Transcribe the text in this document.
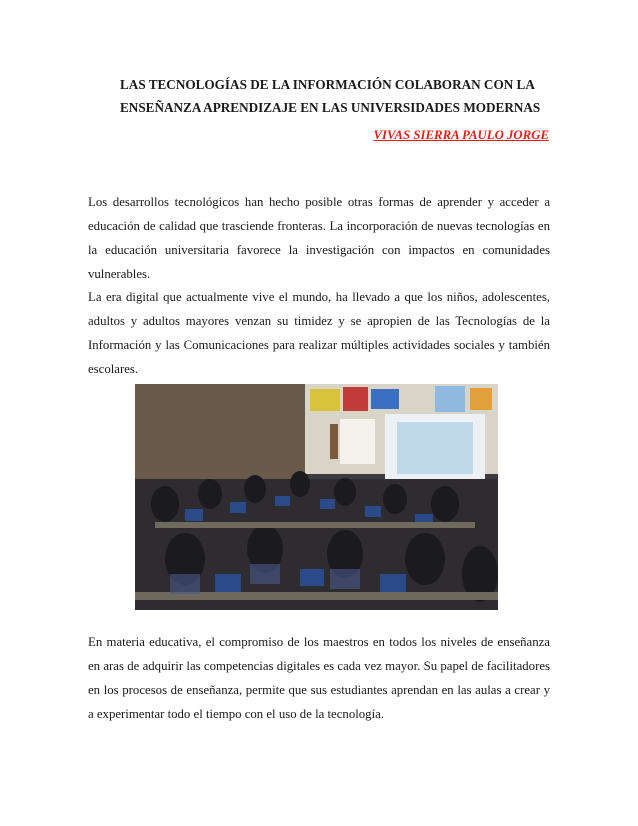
LAS TECNOLOGÍAS DE LA INFORMACIÓN COLABORAN CON LA
ENSEÑANZA APRENDIZAJE EN LAS UNIVERSIDADES MODERNAS
VIVAS SIERRA PAULO JORGE

Los desarrollos tecnológicos han hecho posible otras formas de aprender y acceder a educación de calidad que trasciende fronteras. La incorporación de nuevas tecnologías en la educación universitaria favorece la investigación con impactos en comunidades vulnerables.

La era digital que actualmente vive el mundo, ha llevado a que los niños, adolescentes, adultos y adultos mayores venzan su timidez y se apropien de las Tecnologías de la Información y las Comunicaciones para realizar múltiples actividades sociales y también escolares.

En materia educativa, el compromiso de los maestros en todos los niveles de enseñanza en aras de adquirir las competencias digitales es cada vez mayor. Su papel de facilitadores en los procesos de enseñanza, permite que sus estudiantes aprendan en las aulas a crear y a experimentar todo el tiempo con el uso de la tecnología.
